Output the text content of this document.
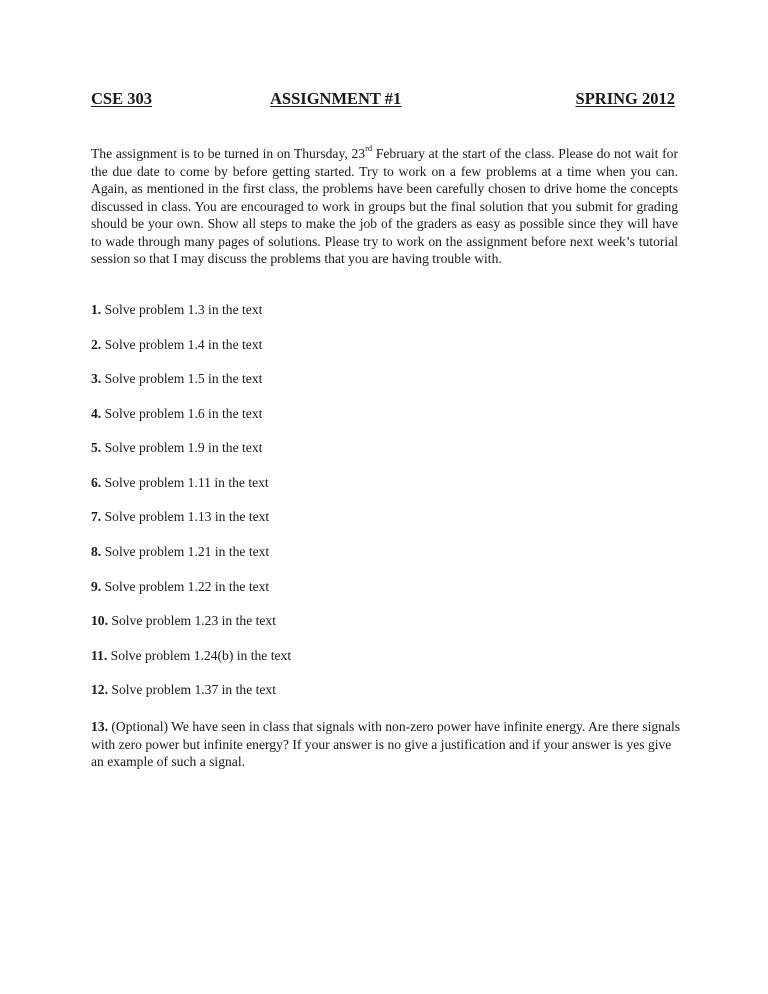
CSE 303	ASSIGNMENT #1	SPRING 2012
The assignment is to be turned in on Thursday, 23rd February at the start of the class. Please do not wait for the due date to come by before getting started. Try to work on a few problems at a time when you can. Again, as mentioned in the first class, the problems have been carefully chosen to drive home the concepts discussed in class. You are encouraged to work in groups but the final solution that you submit for grading should be your own. Show all steps to make the job of the graders as easy as possible since they will have to wade through many pages of solutions. Please try to work on the assignment before next week’s tutorial session so that I may discuss the problems that you are having trouble with.
1. Solve problem 1.3 in the text
2. Solve problem 1.4 in the text
3. Solve problem 1.5 in the text
4. Solve problem 1.6 in the text
5. Solve problem 1.9 in the text
6. Solve problem 1.11 in the text
7. Solve problem 1.13 in the text
8. Solve problem 1.21 in the text
9. Solve problem 1.22 in the text
10. Solve problem 1.23 in the text
11. Solve problem 1.24(b) in the text
12. Solve problem 1.37 in the text
13. (Optional) We have seen in class that signals with non-zero power have infinite energy. Are there signals with zero power but infinite energy? If your answer is no give a justification and if your answer is yes give an example of such a signal.
